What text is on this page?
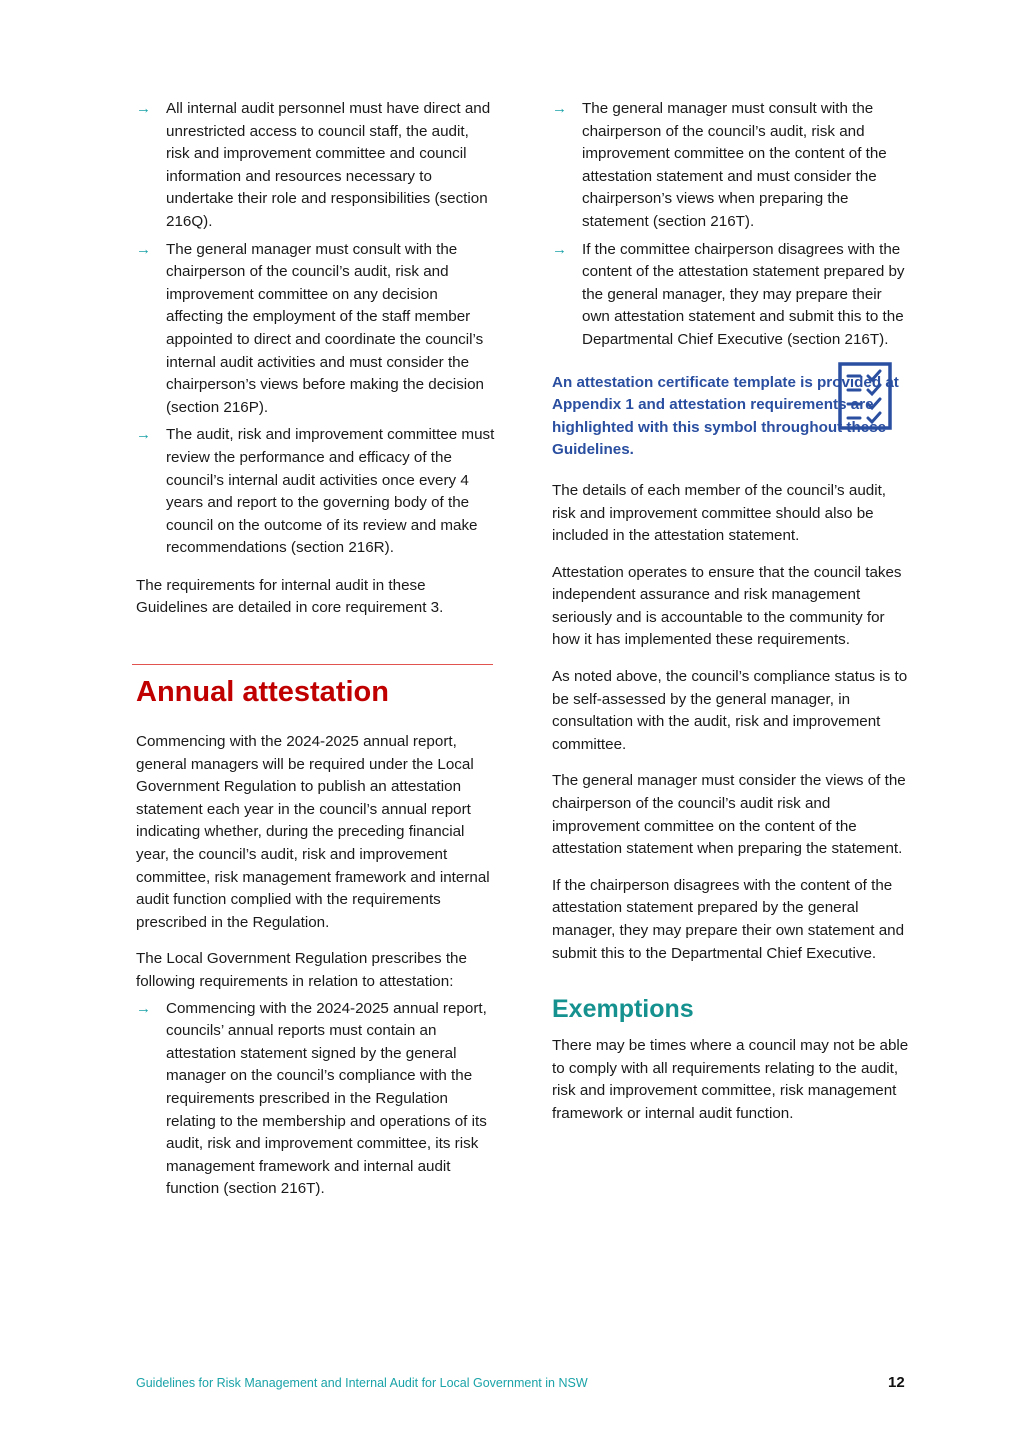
→ All internal audit personnel must have direct and unrestricted access to council staff, the audit, risk and improvement committee and council information and resources necessary to undertake their role and responsibilities (section 216Q).
→ The general manager must consult with the chairperson of the council’s audit, risk and improvement committee on any decision affecting the employment of the staff member appointed to direct and coordinate the council’s internal audit activities and must consider the chairperson’s views before making the decision (section 216P).
→ The audit, risk and improvement committee must review the performance and efficacy of the council’s internal audit activities once every 4 years and report to the governing body of the council on the outcome of its review and make recommendations (section 216R).

The requirements for internal audit in these Guidelines are detailed in core requirement 3.

Annual attestation

Commencing with the 2024-2025 annual report, general managers will be required under the Local Government Regulation to publish an attestation statement each year in the council’s annual report indicating whether, during the preceding financial year, the council’s audit, risk and improvement committee, risk management framework and internal audit function complied with the requirements prescribed in the Regulation.

The Local Government Regulation prescribes the following requirements in relation to attestation:

→ Commencing with the 2024-2025 annual report, councils’ annual reports must contain an attestation statement signed by the general manager on the council’s compliance with the requirements prescribed in the Regulation relating to the membership and operations of its audit, risk and improvement committee, its risk management framework and internal audit function (section 216T).
→ The general manager must consult with the chairperson of the council’s audit, risk and improvement committee on the content of the attestation statement and must consider the chairperson’s views when preparing the statement (section 216T).
→ If the committee chairperson disagrees with the content of the attestation statement prepared by the general manager, they may prepare their own attestation statement and submit this to the Departmental Chief Executive (section 216T).

An attestation certificate template is provided at Appendix 1 and attestation requirements are highlighted with this symbol throughout these Guidelines.

The details of each member of the council’s audit, risk and improvement committee should also be included in the attestation statement.

Attestation operates to ensure that the council takes independent assurance and risk management seriously and is accountable to the community for how it has implemented these requirements.

As noted above, the council’s compliance status is to be self-assessed by the general manager, in consultation with the audit, risk and improvement committee.

The general manager must consider the views of the chairperson of the council’s audit risk and improvement committee on the content of the attestation statement when preparing the statement.

If the chairperson disagrees with the content of the attestation statement prepared by the general manager, they may prepare their own statement and submit this to the Departmental Chief Executive.

Exemptions

There may be times where a council may not be able to comply with all requirements relating to the audit, risk and improvement committee, risk management framework or internal audit function.

Guidelines for Risk Management and Internal Audit for Local Government in NSW	12
